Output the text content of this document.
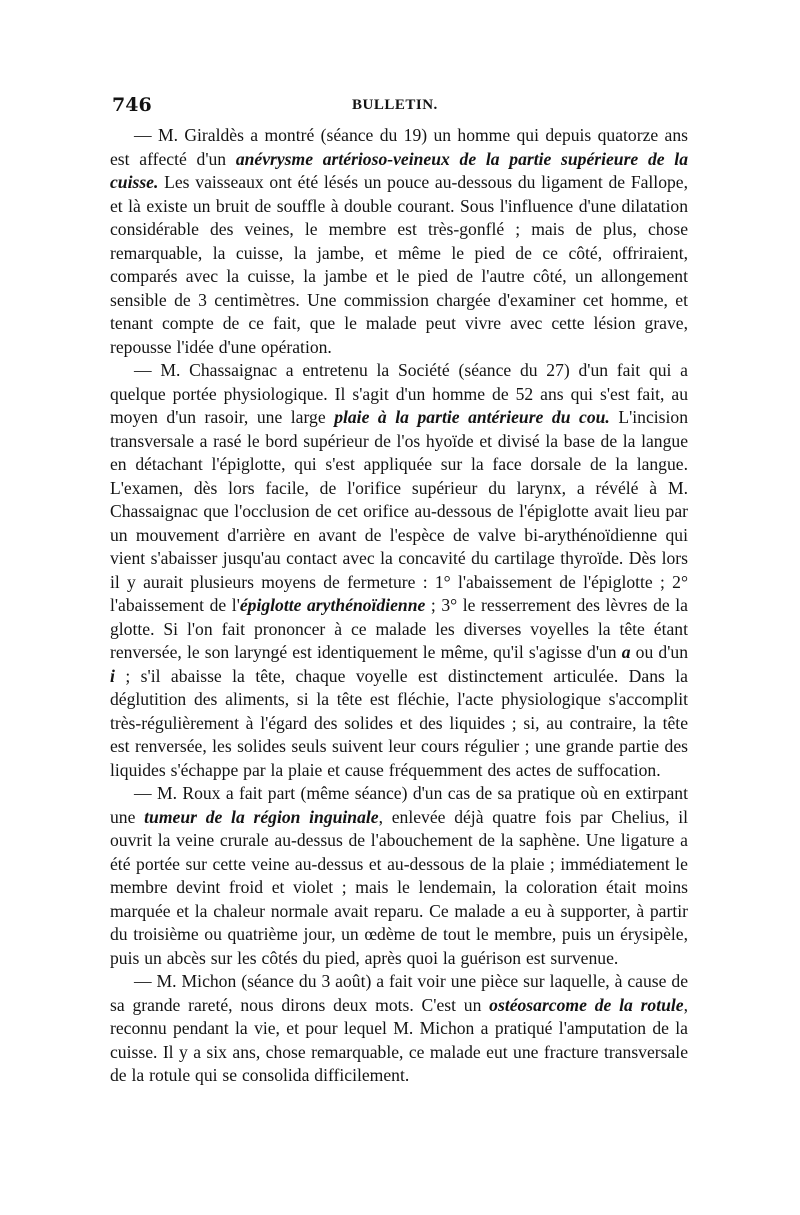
746	BULLETIN.

— M. Giraldès a montré (séance du 19) un homme qui depuis quatorze ans est affecté d'un anévrysme artérioso-veineux de la partie supérieure de la cuisse. Les vaisseaux ont été lésés un pouce au-dessous du ligament de Fallope, et là existe un bruit de souffle à double courant. Sous l'influence d'une dilatation considérable des veines, le membre est très-gonflé ; mais de plus, chose remarquable, la cuisse, la jambe, et même le pied de ce côté, offriraient, comparés avec la cuisse, la jambe et le pied de l'autre côté, un allongement sensible de 3 centimètres. Une commission chargée d'examiner cet homme, et tenant compte de ce fait, que le malade peut vivre avec cette lésion grave, repousse l'idée d'une opération.

— M. Chassaignac a entretenu la Société (séance du 27) d'un fait qui a quelque portée physiologique. Il s'agit d'un homme de 52 ans qui s'est fait, au moyen d'un rasoir, une large plaie à la partie antérieure du cou. L'incision transversale a rasé le bord supérieur de l'os hyoïde et divisé la base de la langue en détachant l'épiglotte, qui s'est appliquée sur la face dorsale de la langue. L'examen, dès lors facile, de l'orifice supérieur du larynx, a révélé à M. Chassaignac que l'occlusion de cet orifice au-dessous de l'épiglotte avait lieu par un mouvement d'arrière en avant de l'espèce de valve bi-arythénoïdienne qui vient s'abaisser jusqu'au contact avec la concavité du cartilage thyroïde. Dès lors il y aurait plusieurs moyens de fermeture : 1° l'abaissement de l'épiglotte ; 2° l'abaissement de l'épiglotte arythénoïdienne ; 3° le resserrement des lèvres de la glotte. Si l'on fait prononcer à ce malade les diverses voyelles la tête étant renversée, le son laryngé est identiquement le même, qu'il s'agisse d'un a ou d'un i ; s'il abaisse la tête, chaque voyelle est distinctement articulée. Dans la déglutition des aliments, si la tête est fléchie, l'acte physiologique s'accomplit très-régulièrement à l'égard des solides et des liquides ; si, au contraire, la tête est renversée, les solides seuls suivent leur cours régulier ; une grande partie des liquides s'échappe par la plaie et cause fréquemment des actes de suffocation.

— M. Roux a fait part (même séance) d'un cas de sa pratique où en extirpant une tumeur de la région inguinale, enlevée déjà quatre fois par Chelius, il ouvrit la veine crurale au-dessus de l'abouchement de la saphène. Une ligature a été portée sur cette veine au-dessus et au-dessous de la plaie ; immédiatement le membre devint froid et violet ; mais le lendemain, la coloration était moins marquée et la chaleur normale avait reparu. Ce malade a eu à supporter, à partir du troisième ou quatrième jour, un œdème de tout le membre, puis un érysipèle, puis un abcès sur les côtés du pied, après quoi la guérison est survenue.

— M. Michon (séance du 3 août) a fait voir une pièce sur laquelle, à cause de sa grande rareté, nous dirons deux mots. C'est un ostéosarcome de la rotule, reconnu pendant la vie, et pour lequel M. Michon a pratiqué l'amputation de la cuisse. Il y a six ans, chose remarquable, ce malade eut une fracture transversale de la rotule qui se consolida difficilement.
